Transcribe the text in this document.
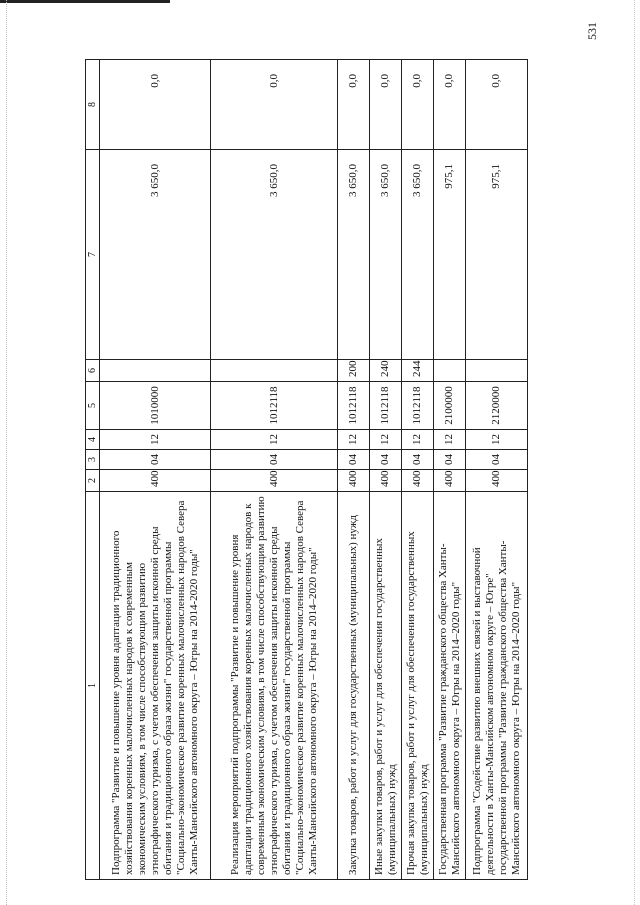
531
1	2	3	4	5	6	7	8
Подпрограмма "Развитие и повышение уровня адаптации традиционного хозяйствования коренных малочисленных народов к современным экономическим условиям, в том числе способствующим развитию этнографического туризма, с учетом обеспечения защиты исконной среды обитания и традиционного образа жизни" государственной программы "Социально-экономическое развитие коренных малочисленных народов Севера Ханты-Мансийского автономного округа – Югры на 2014-2020 годы"	400	04	12	1010000		3 650,0	0,0
Реализация мероприятий подпрограммы "Развитие и повышение уровня адаптации традиционного хозяйствования коренных малочисленных народов к современным экономическим условиям, в том числе способствующим развитию этнографического туризма, с учетом обеспечения защиты исконной среды обитания и традиционного образа жизни" государственной программы "Социально-экономическое развитие коренных малочисленных народов Севера Ханты-Мансийского автономного округа – Югры на 2014–2020 годы"	400	04	12	1012118		3 650,0	0,0
Закупка товаров, работ и услуг для государственных (муниципальных) нужд	400	04	12	1012118	200	3 650,0	0,0
Иные закупки товаров, работ и услуг для обеспечения государственных (муниципальных) нужд	400	04	12	1012118	240	3 650,0	0,0
Прочая закупка товаров, работ и услуг для обеспечения государственных (муниципальных) нужд	400	04	12	1012118	244	3 650,0	0,0
Государственная программа "Развитие гражданского общества Ханты-Мансийского автономного округа – Югры на 2014–2020 годы"	400	04	12	2100000		975,1	0,0
Подпрограмма "Содействие развитию внешних связей и выставочной деятельности в Ханты-Мансийском автономном округе – Югре" государственной программы "Развитие гражданского общества Ханты-Мансийского автономного округа – Югры на 2014–2020 годы"	400	04	12	2120000		975,1	0,0
